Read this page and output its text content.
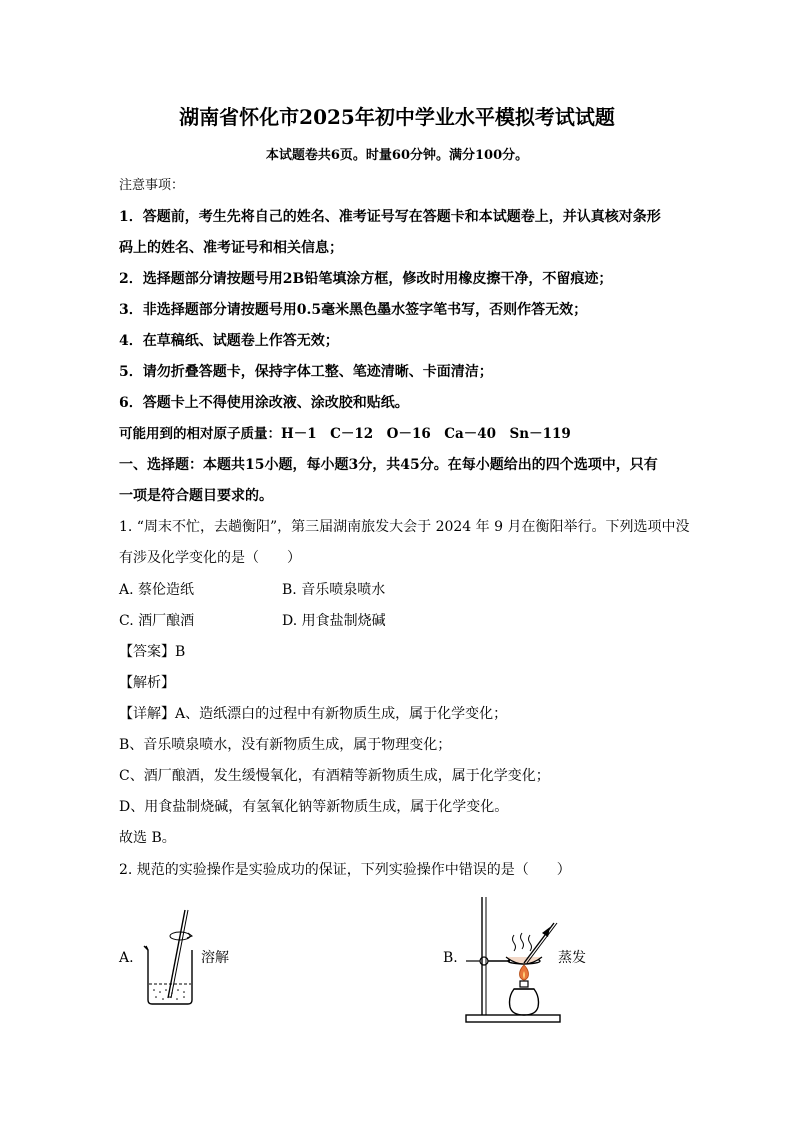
湖南省怀化市2025年初中学业水平模拟考试试题
本试题卷共6页。时量60分钟。满分100分。
注意事项：
1．答题前，考生先将自己的姓名、准考证号写在答题卡和本试题卷上，并认真核对条形
码上的姓名、准考证号和相关信息；
2．选择题部分请按题号用2B铅笔填涂方框，修改时用橡皮擦干净，不留痕迹；
3．非选择题部分请按题号用0.5毫米黑色墨水签字笔书写，否则作答无效；
4．在草稿纸、试题卷上作答无效；
5．请勿折叠答题卡，保持字体工整、笔迹清晰、卡面清洁；
6．答题卡上不得使用涂改液、涂改胶和贴纸。
可能用到的相对原子质量：H－1　C－12　O－16　Ca－40　Sn－119
一、选择题：本题共15小题，每小题3分，共45分。在每小题给出的四个选项中，只有
一项是符合题目要求的。
1. “周末不忙，去趟衡阳”，第三届湖南旅发大会于 2024 年 9 月在衡阳举行。下列选项中没
有涉及化学变化的是（　　）
A. 蔡伦造纸	B. 音乐喷泉喷水
C. 酒厂酿酒	D. 用食盐制烧碱
【答案】B
【解析】
【详解】A、造纸漂白的过程中有新物质生成，属于化学变化；
B、音乐喷泉喷水，没有新物质生成，属于物理变化；
C、酒厂酿酒，发生缓慢氧化，有酒精等新物质生成，属于化学变化；
D、用食盐制烧碱，有氢氧化钠等新物质生成，属于化学变化。
故选 B。
2. 规范的实验操作是实验成功的保证，下列实验操作中错误的是（　　）
A.	溶解	B.	蒸发
